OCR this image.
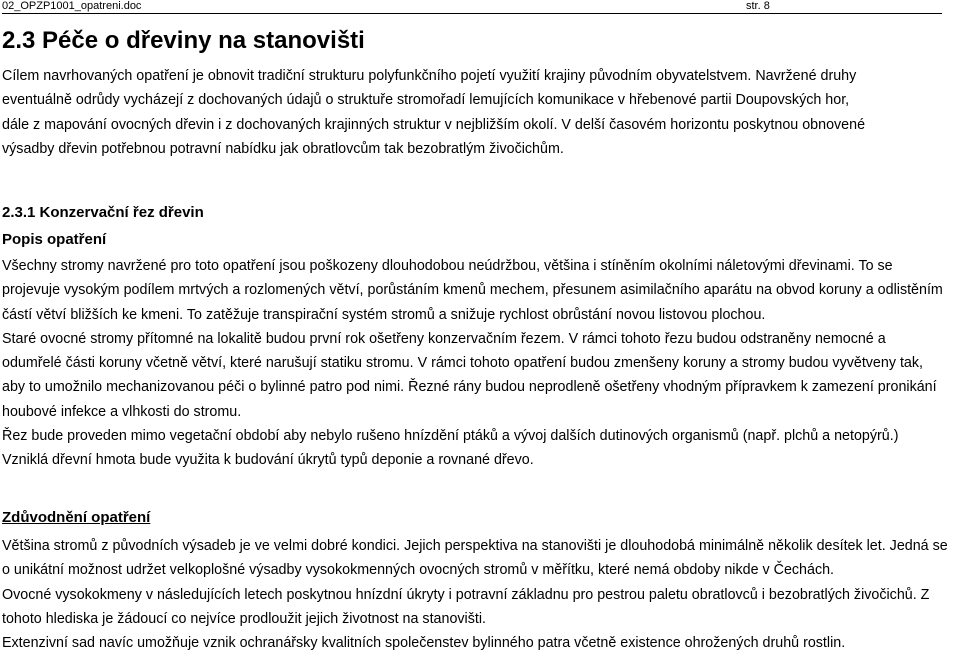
02_OPZP1001_opatreni.doc	str. 8
2.3 Péče o dřeviny na stanovišti

Cílem navrhovaných opatření je obnovit tradiční strukturu polyfunkčního pojetí využití krajiny původním obyvatelstvem. Navržené druhy
eventuálně odrůdy vycházejí z dochovaných údajů o struktuře stromořadí lemujících komunikace v hřebenové partii Doupovských hor,
dále z mapování ovocných dřevin i z dochovaných krajinných struktur v nejbližším okolí. V delší časovém horizontu poskytnou obnovené
výsadby dřevin potřebnou potravní nabídku jak obratlovcům tak bezobratlým živočichům.

2.3.1 Konzervační řez dřevin
Popis opatření

Všechny stromy navržené pro toto opatření jsou poškozeny dlouhodobou neúdržbou, většina i stíněním okolními náletovými dřevinami. To se
projevuje vysokým podílem mrtvých a rozlomených větví, porůstáním kmenů mechem, přesunem asimilačního aparátu na obvod koruny a odlistěním
částí větví bližších ke kmeni. To zatěžuje transpirační systém stromů a snižuje rychlost obrůstání novou listovou plochou.
Staré ovocné stromy přítomné na lokalitě budou první rok ošetřeny konzervačním řezem. V rámci tohoto řezu budou odstraněny nemocné a
odumřelé části koruny včetně větví, které narušují statiku stromu. V rámci tohoto opatření budou zmenšeny koruny a stromy budou vyvětveny tak,
aby to umožnilo mechanizovanou péči o bylinné patro pod nimi. Řezné rány budou neprodleně ošetřeny vhodným přípravkem k zamezení pronikání
houbové infekce a vlhkosti do stromu.
Řez bude proveden mimo vegetační období aby nebylo rušeno hnízdění ptáků a vývoj dalších dutinových organismů (např. plchů a netopýrů.)
Vzniklá dřevní hmota bude využita k budování úkrytů typů deponie a rovnané dřevo.

Zdůvodnění opatření

Většina stromů z původních výsadeb je ve velmi dobré kondici. Jejich perspektiva na stanovišti je dlouhodobá minimálně několik desítek let. Jedná se
o unikátní možnost udržet velkoplošné výsadby vysokokmenných ovocných stromů v měřítku, které nemá obdoby nikde v Čechách.
Ovocné vysokokmeny v následujících letech poskytnou hnízdní úkryty i potravní základnu pro pestrou paletu obratlovců i bezobratlých živočichů. Z
tohoto hlediska je žádoucí co nejvíce prodloužit jejich životnost na stanovišti.
Extenzivní sad navíc umožňuje vznik ochranářsky kvalitních společenstev bylinného patra včetně existence ohrožených druhů rostlin.
